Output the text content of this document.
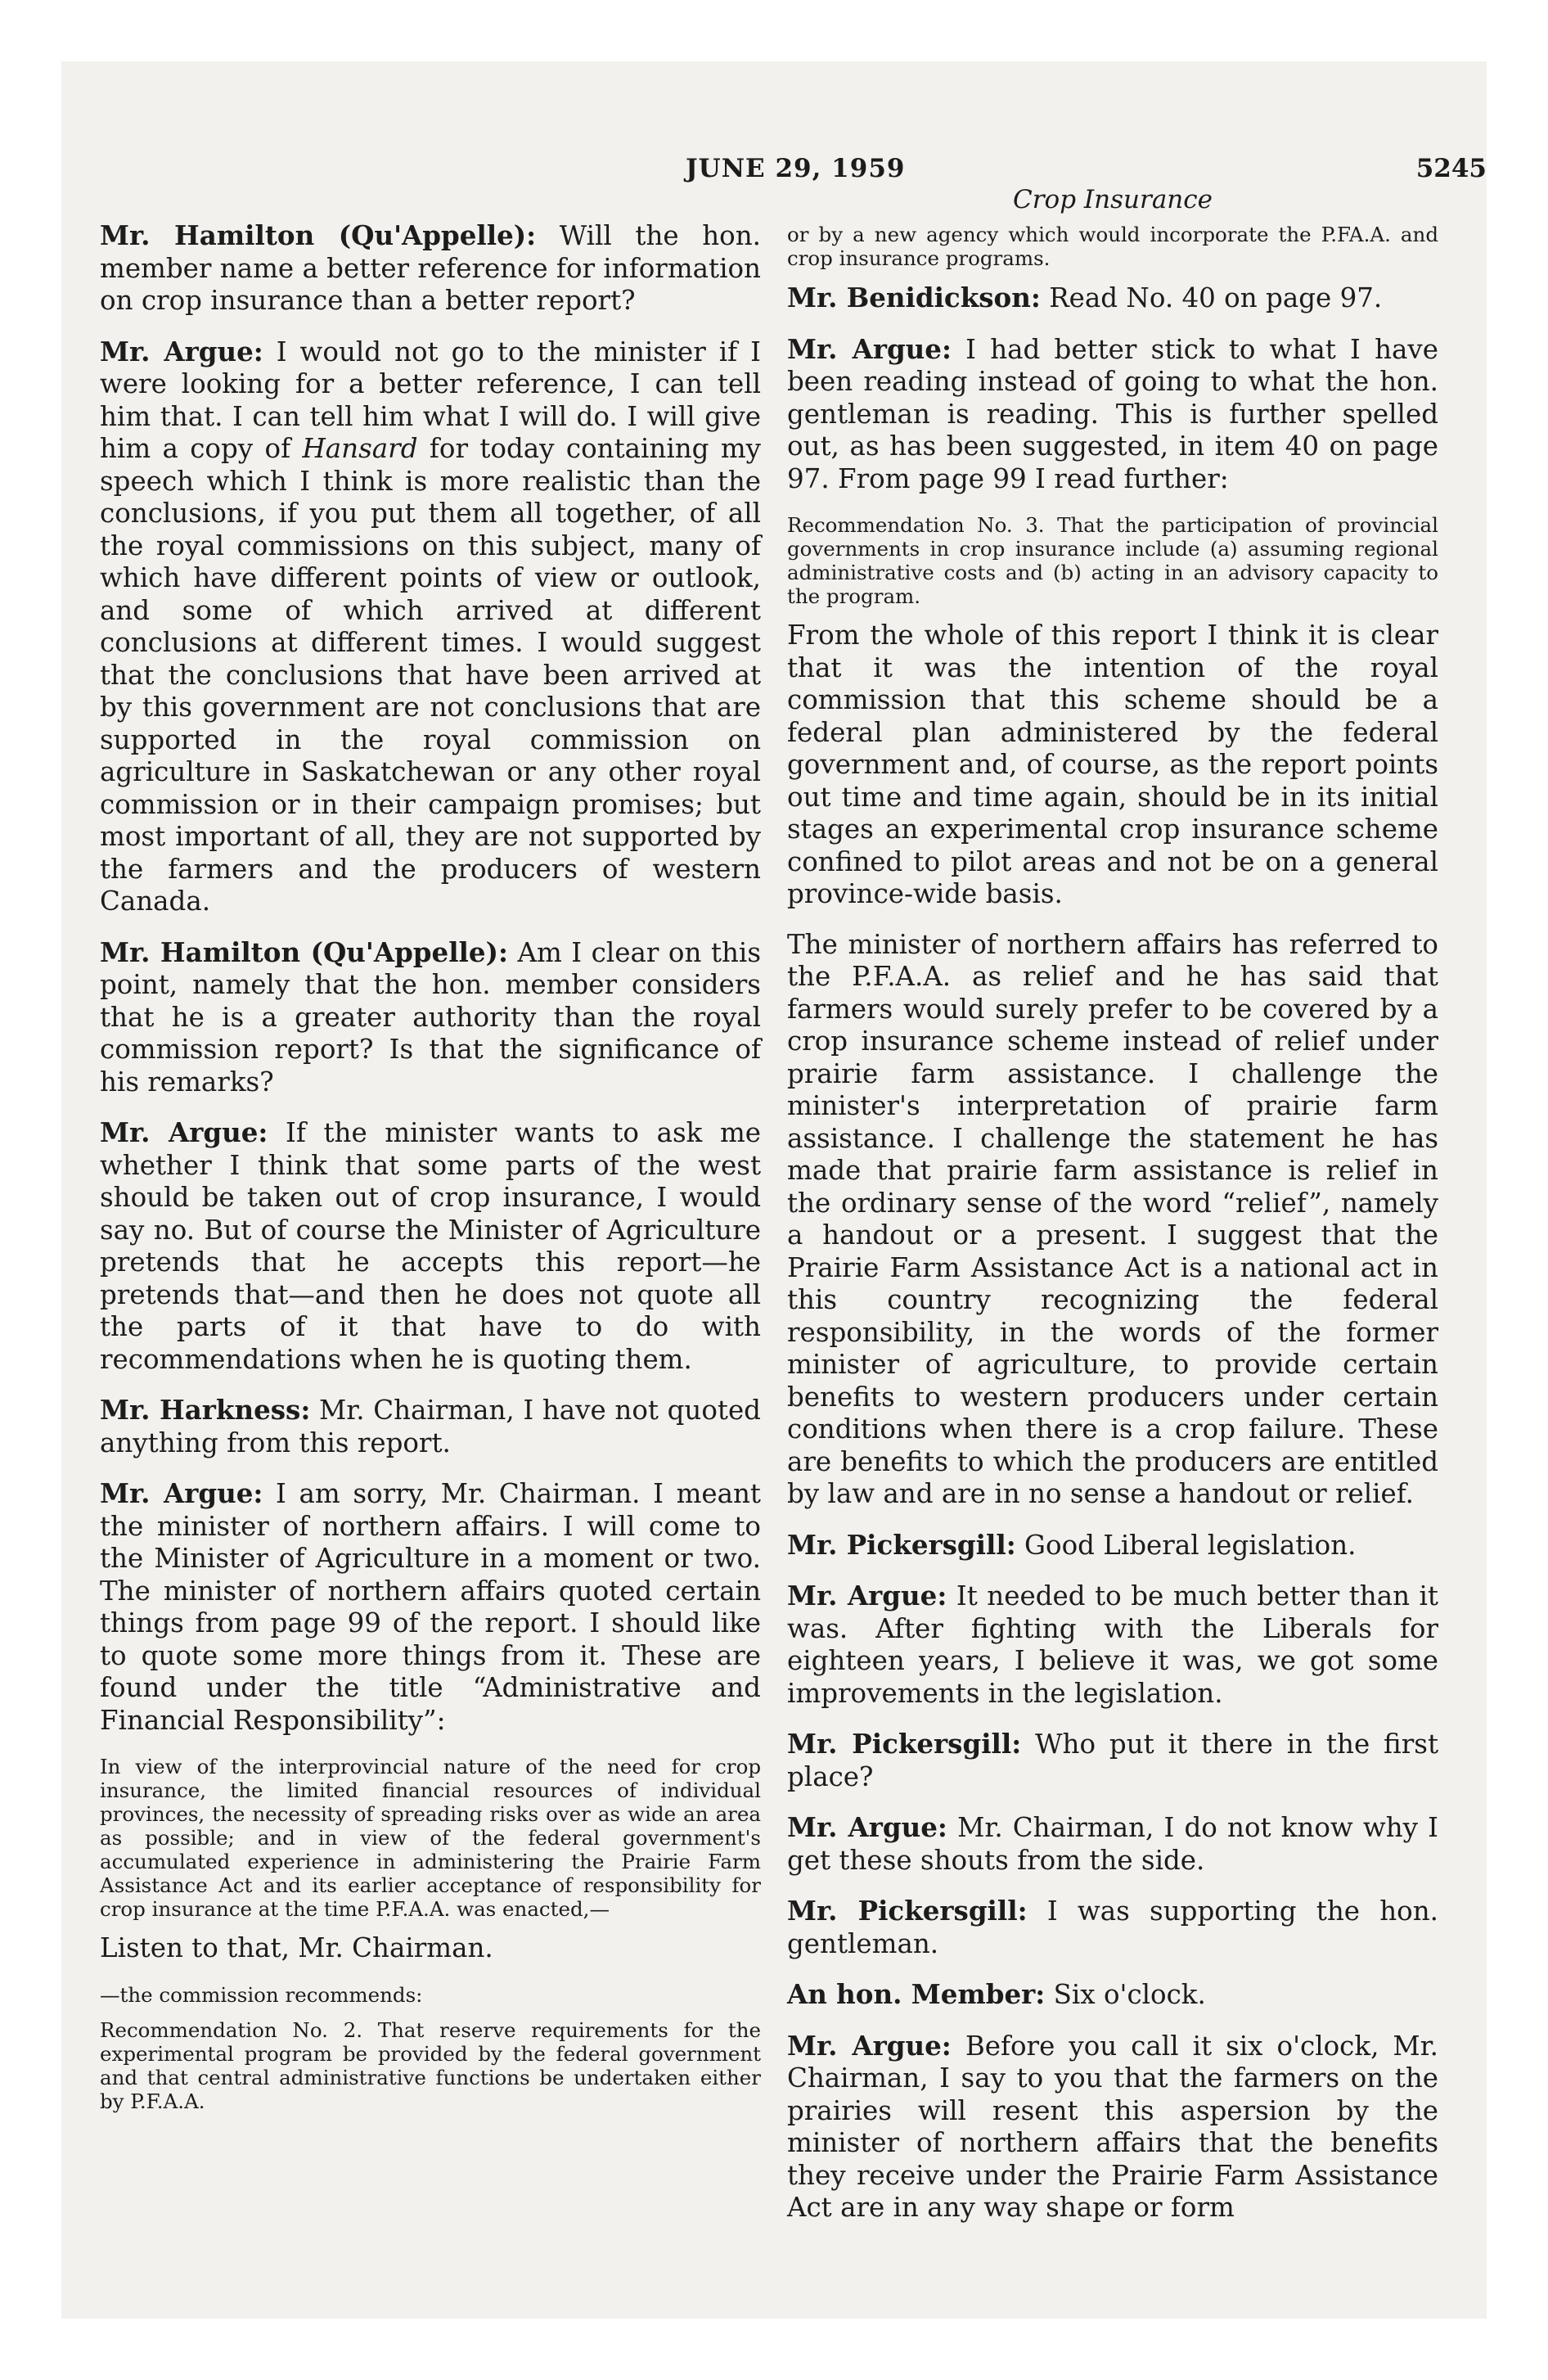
JUNE 29, 1959	5245
Crop Insurance

Mr. Hamilton (Qu'Appelle): Will the hon. member name a better reference for information on crop insurance than a better report?

Mr. Argue: I would not go to the minister if I were looking for a better reference, I can tell him that. I can tell him what I will do. I will give him a copy of Hansard for today containing my speech which I think is more realistic than the conclusions, if you put them all together, of all the royal commissions on this subject, many of which have different points of view or outlook, and some of which arrived at different conclusions at different times. I would suggest that the conclusions that have been arrived at by this government are not conclusions that are supported in the royal commission on agriculture in Saskatchewan or any other royal commission or in their campaign promises; but most important of all, they are not supported by the farmers and the producers of western Canada.

Mr. Hamilton (Qu'Appelle): Am I clear on this point, namely that the hon. member considers that he is a greater authority than the royal commission report? Is that the significance of his remarks?

Mr. Argue: If the minister wants to ask me whether I think that some parts of the west should be taken out of crop insurance, I would say no. But of course the Minister of Agriculture pretends that he accepts this report—he pretends that—and then he does not quote all the parts of it that have to do with recommendations when he is quoting them.

Mr. Harkness: Mr. Chairman, I have not quoted anything from this report.

Mr. Argue: I am sorry, Mr. Chairman. I meant the minister of northern affairs. I will come to the Minister of Agriculture in a moment or two. The minister of northern affairs quoted certain things from page 99 of the report. I should like to quote some more things from it. These are found under the title “Administrative and Financial Responsibility”:

In view of the interprovincial nature of the need for crop insurance, the limited financial resources of individual provinces, the necessity of spreading risks over as wide an area as possible; and in view of the federal government's accumulated experience in administering the Prairie Farm Assistance Act and its earlier acceptance of responsibility for crop insurance at the time P.F.A.A. was enacted,—

Listen to that, Mr. Chairman.

—the commission recommends:

Recommendation No. 2. That reserve requirements for the experimental program be provided by the federal government and that central administrative functions be undertaken either by P.F.A.A.

or by a new agency which would incorporate the P.FA.A. and crop insurance programs.

Mr. Benidickson: Read No. 40 on page 97.

Mr. Argue: I had better stick to what I have been reading instead of going to what the hon. gentleman is reading. This is further spelled out, as has been suggested, in item 40 on page 97. From page 99 I read further:

Recommendation No. 3. That the participation of provincial governments in crop insurance include (a) assuming regional administrative costs and (b) acting in an advisory capacity to the program.

From the whole of this report I think it is clear that it was the intention of the royal commission that this scheme should be a federal plan administered by the federal government and, of course, as the report points out time and time again, should be in its initial stages an experimental crop insurance scheme confined to pilot areas and not be on a general province-wide basis.

The minister of northern affairs has referred to the P.F.A.A. as relief and he has said that farmers would surely prefer to be covered by a crop insurance scheme instead of relief under prairie farm assistance. I challenge the minister's interpretation of prairie farm assistance. I challenge the statement he has made that prairie farm assistance is relief in the ordinary sense of the word “relief”, namely a handout or a present. I suggest that the Prairie Farm Assistance Act is a national act in this country recognizing the federal responsibility, in the words of the former minister of agriculture, to provide certain benefits to western producers under certain conditions when there is a crop failure. These are benefits to which the producers are entitled by law and are in no sense a handout or relief.

Mr. Pickersgill: Good Liberal legislation.

Mr. Argue: It needed to be much better than it was. After fighting with the Liberals for eighteen years, I believe it was, we got some improvements in the legislation.

Mr. Pickersgill: Who put it there in the first place?

Mr. Argue: Mr. Chairman, I do not know why I get these shouts from the side.

Mr. Pickersgill: I was supporting the hon. gentleman.

An hon. Member: Six o'clock.

Mr. Argue: Before you call it six o'clock, Mr. Chairman, I say to you that the farmers on the prairies will resent this aspersion by the minister of northern affairs that the benefits they receive under the Prairie Farm Assistance Act are in any way shape or form
